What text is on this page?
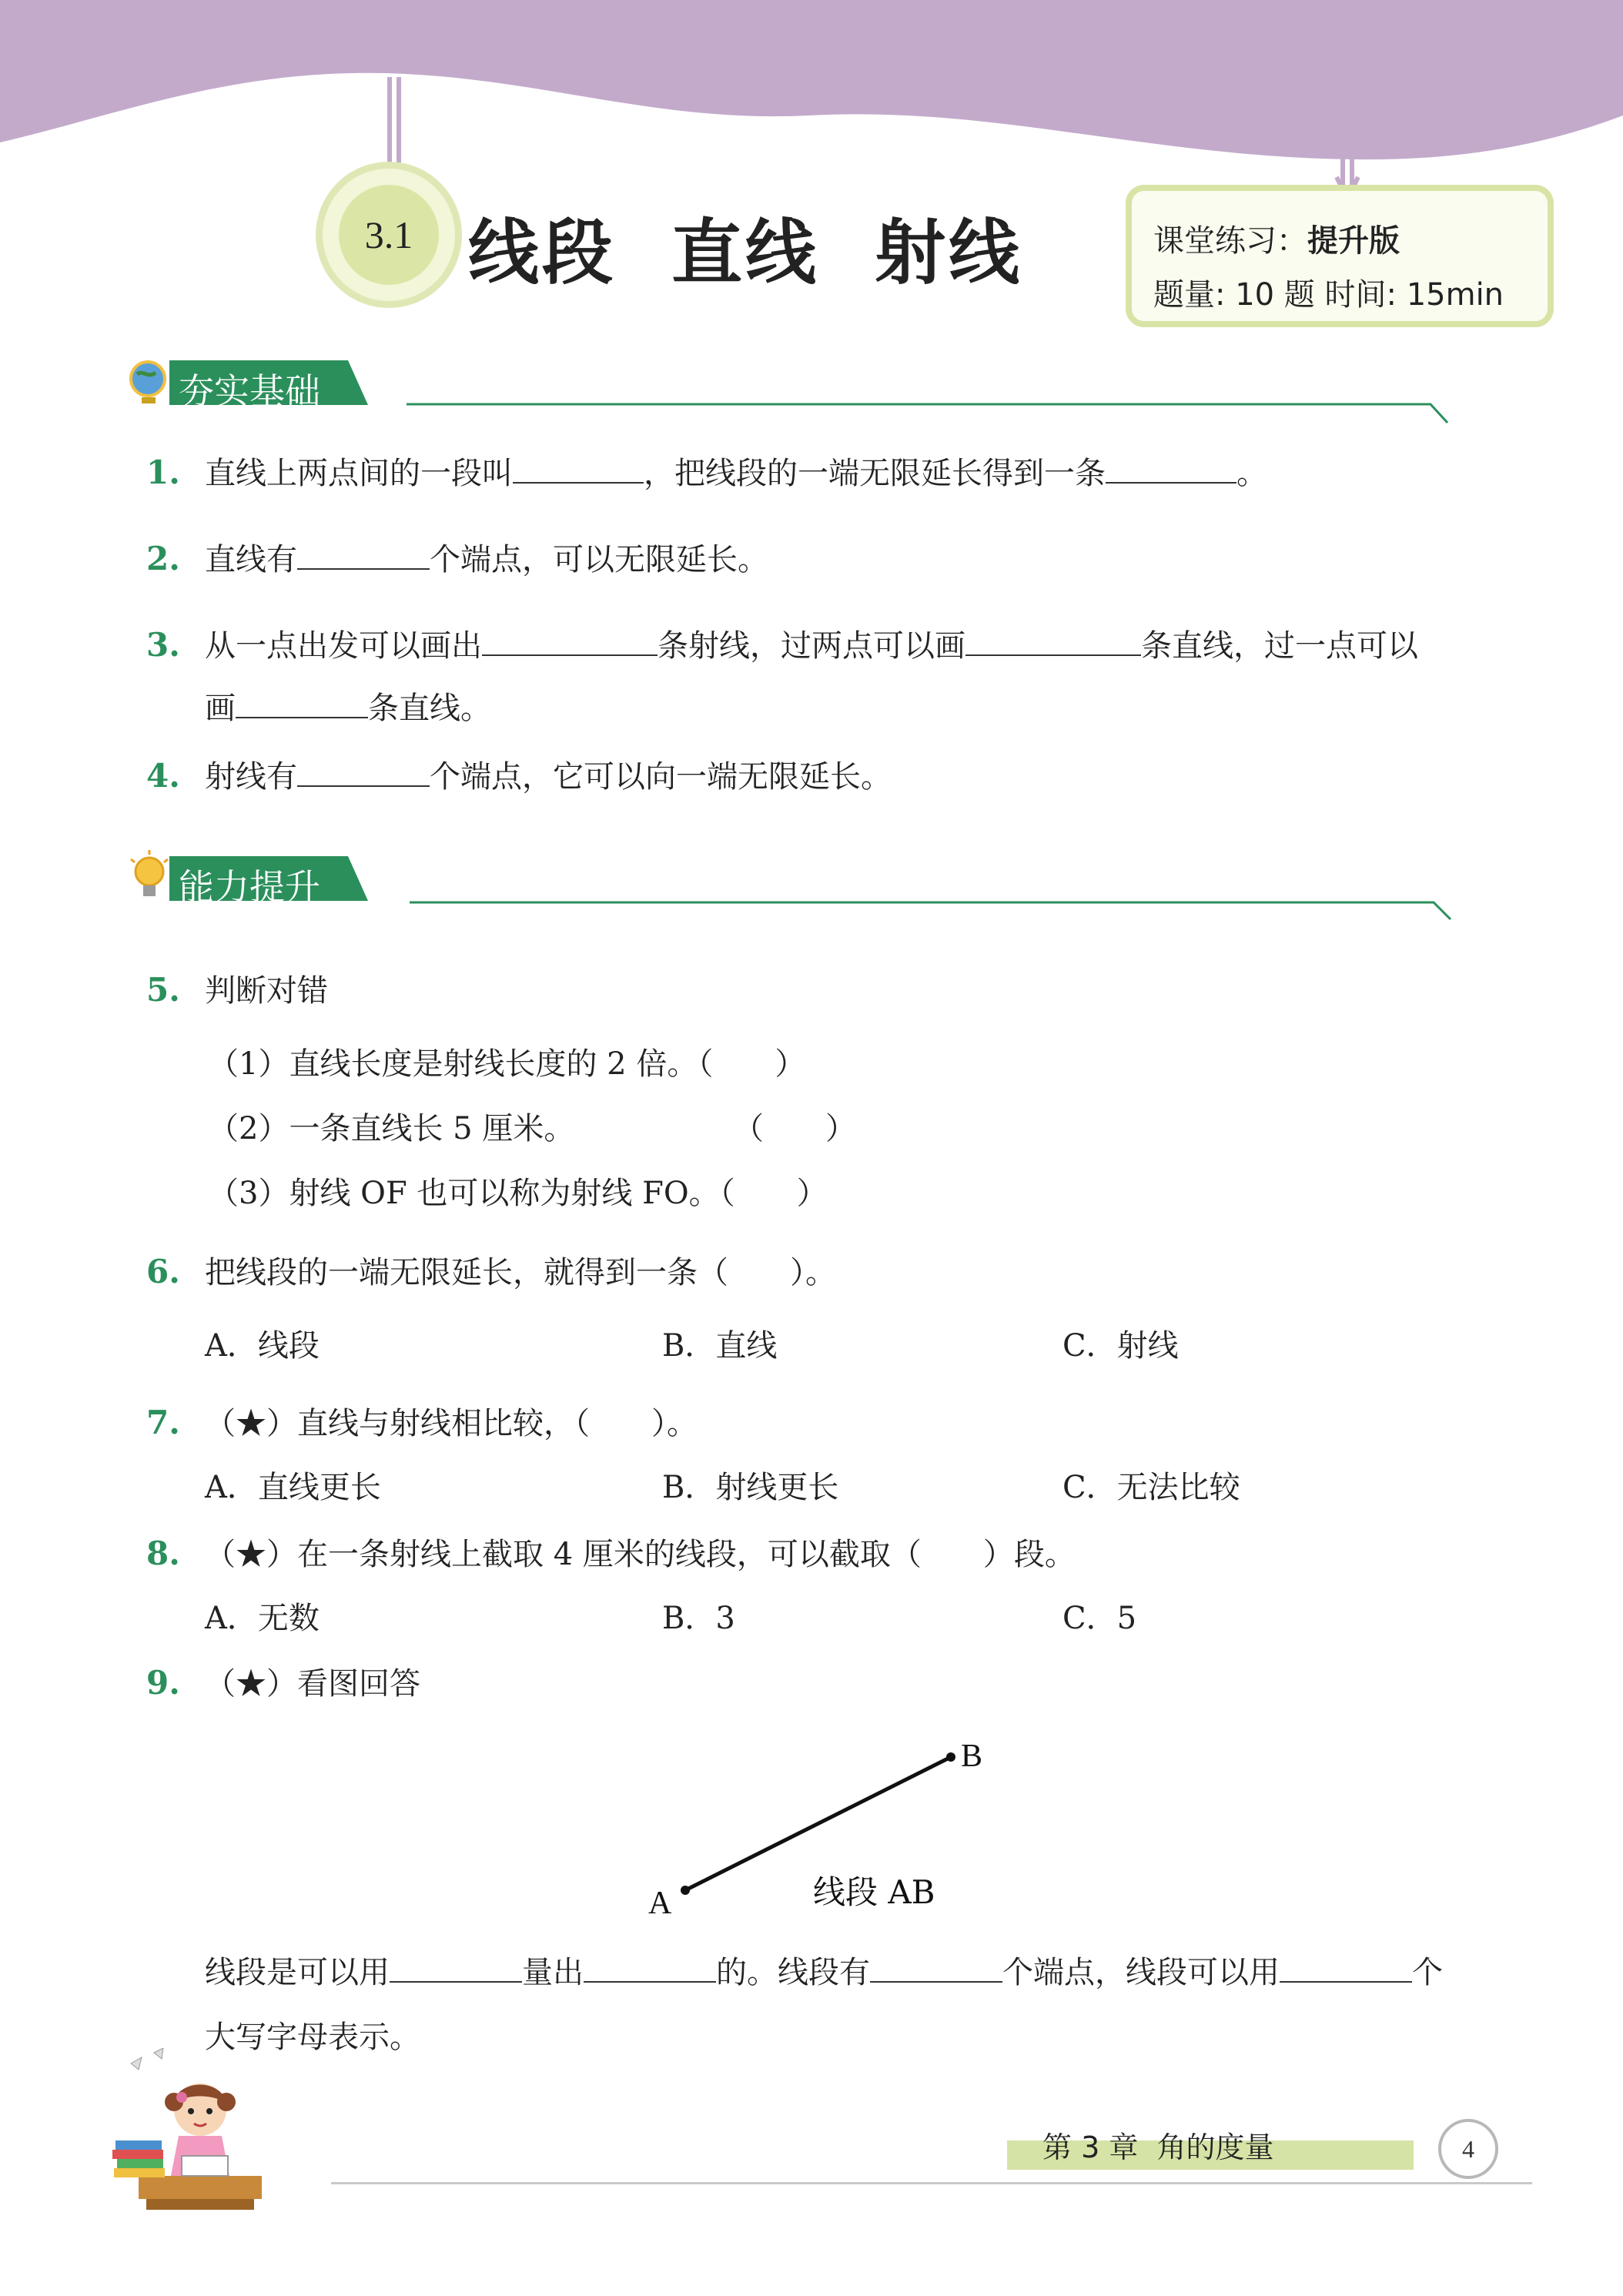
3.1 线段  直线  射线	课堂练习：提升版
题量: 10 题 时间: 15min
夯实基础
1. 直线上两点间的一段叫	，把线段的一端无限延长得到一条	。
2. 直线有	个端点，可以无限延长。
3. 从一点出发可以画出	条射线，过两点可以画	条直线，过一点可以
画	条直线。
4. 射线有	个端点，它可以向一端无限延长。
能力提升
5. 判断对错
（1）直线长度是射线长度的 2 倍。（　　）
（2）一条直线长 5 厘米。	（　　）
（3）射线 OF 也可以称为射线 FO。（　　）
6. 把线段的一端无限延长，就得到一条（　　）。
A．线段	B．直线	C．射线
7. （★）直线与射线相比较，（　　）。
A．直线更长	B．射线更长	C．无法比较
8. （★）在一条射线上截取 4 厘米的线段，可以截取（　　）段。
A．无数	B．3	C．5
9. （★）看图回答
A
B
线段 AB
线段是可以用	量出	的。线段有	个端点，线段可以用	个
大写字母表示。
第 3 章  角的度量	4
